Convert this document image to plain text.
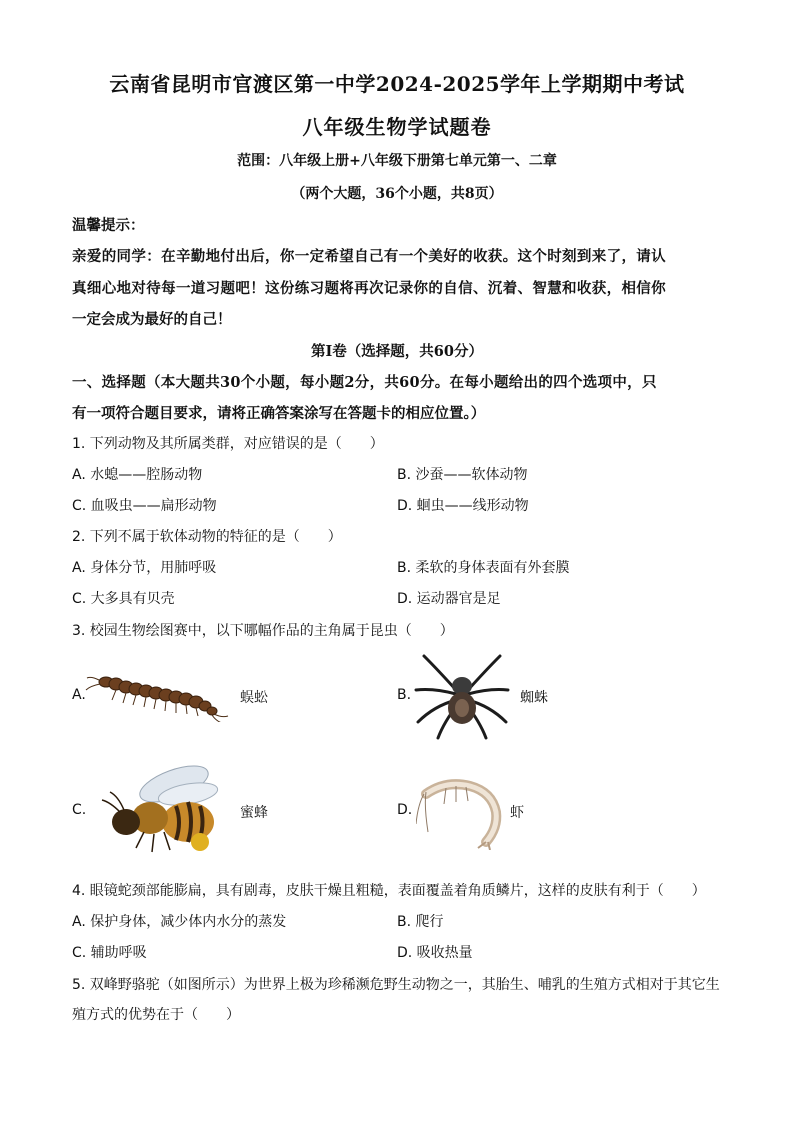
云南省昆明市官渡区第一中学2024-2025学年上学期期中考试
八年级生物学试题卷
范围：八年级上册+八年级下册第七单元第一、二章
（两个大题，36个小题，共8页）
温馨提示：
亲爱的同学：在辛勤地付出后，你一定希望自己有一个美好的收获。这个时刻到来了，请认
真细心地对待每一道习题吧！这份练习题将再次记录你的自信、沉着、智慧和收获，相信你
一定会成为最好的自己！
第Ⅰ卷（选择题，共60分）
一、选择题（本大题共30个小题，每小题2分，共60分。在每小题给出的四个选项中，只
有一项符合题目要求，请将正确答案涂写在答题卡的相应位置。）
1. 下列动物及其所属类群，对应错误的是（　　）
A. 水螅——腔肠动物	B. 沙蚕——软体动物
C. 血吸虫——扁形动物	D. 蛔虫——线形动物
2. 下列不属于软体动物的特征的是（　　）
A. 身体分节，用肺呼吸	B. 柔软的身体表面有外套膜
C. 大多具有贝壳	D. 运动器官是足
3. 校园生物绘图赛中，以下哪幅作品的主角属于昆虫（　　）
A.	蜈蚣	B.	蜘蛛
C.	蜜蜂	D.	虾
4. 眼镜蛇颈部能膨扁，具有剧毒，皮肤干燥且粗糙，表面覆盖着角质鳞片，这样的皮肤有利于（　　）
A. 保护身体，减少体内水分的蒸发	B. 爬行
C. 辅助呼吸	D. 吸收热量
5. 双峰野骆驼（如图所示）为世界上极为珍稀濒危野生动物之一，其胎生、哺乳的生殖方式相对于其它生
殖方式的优势在于（　　）
